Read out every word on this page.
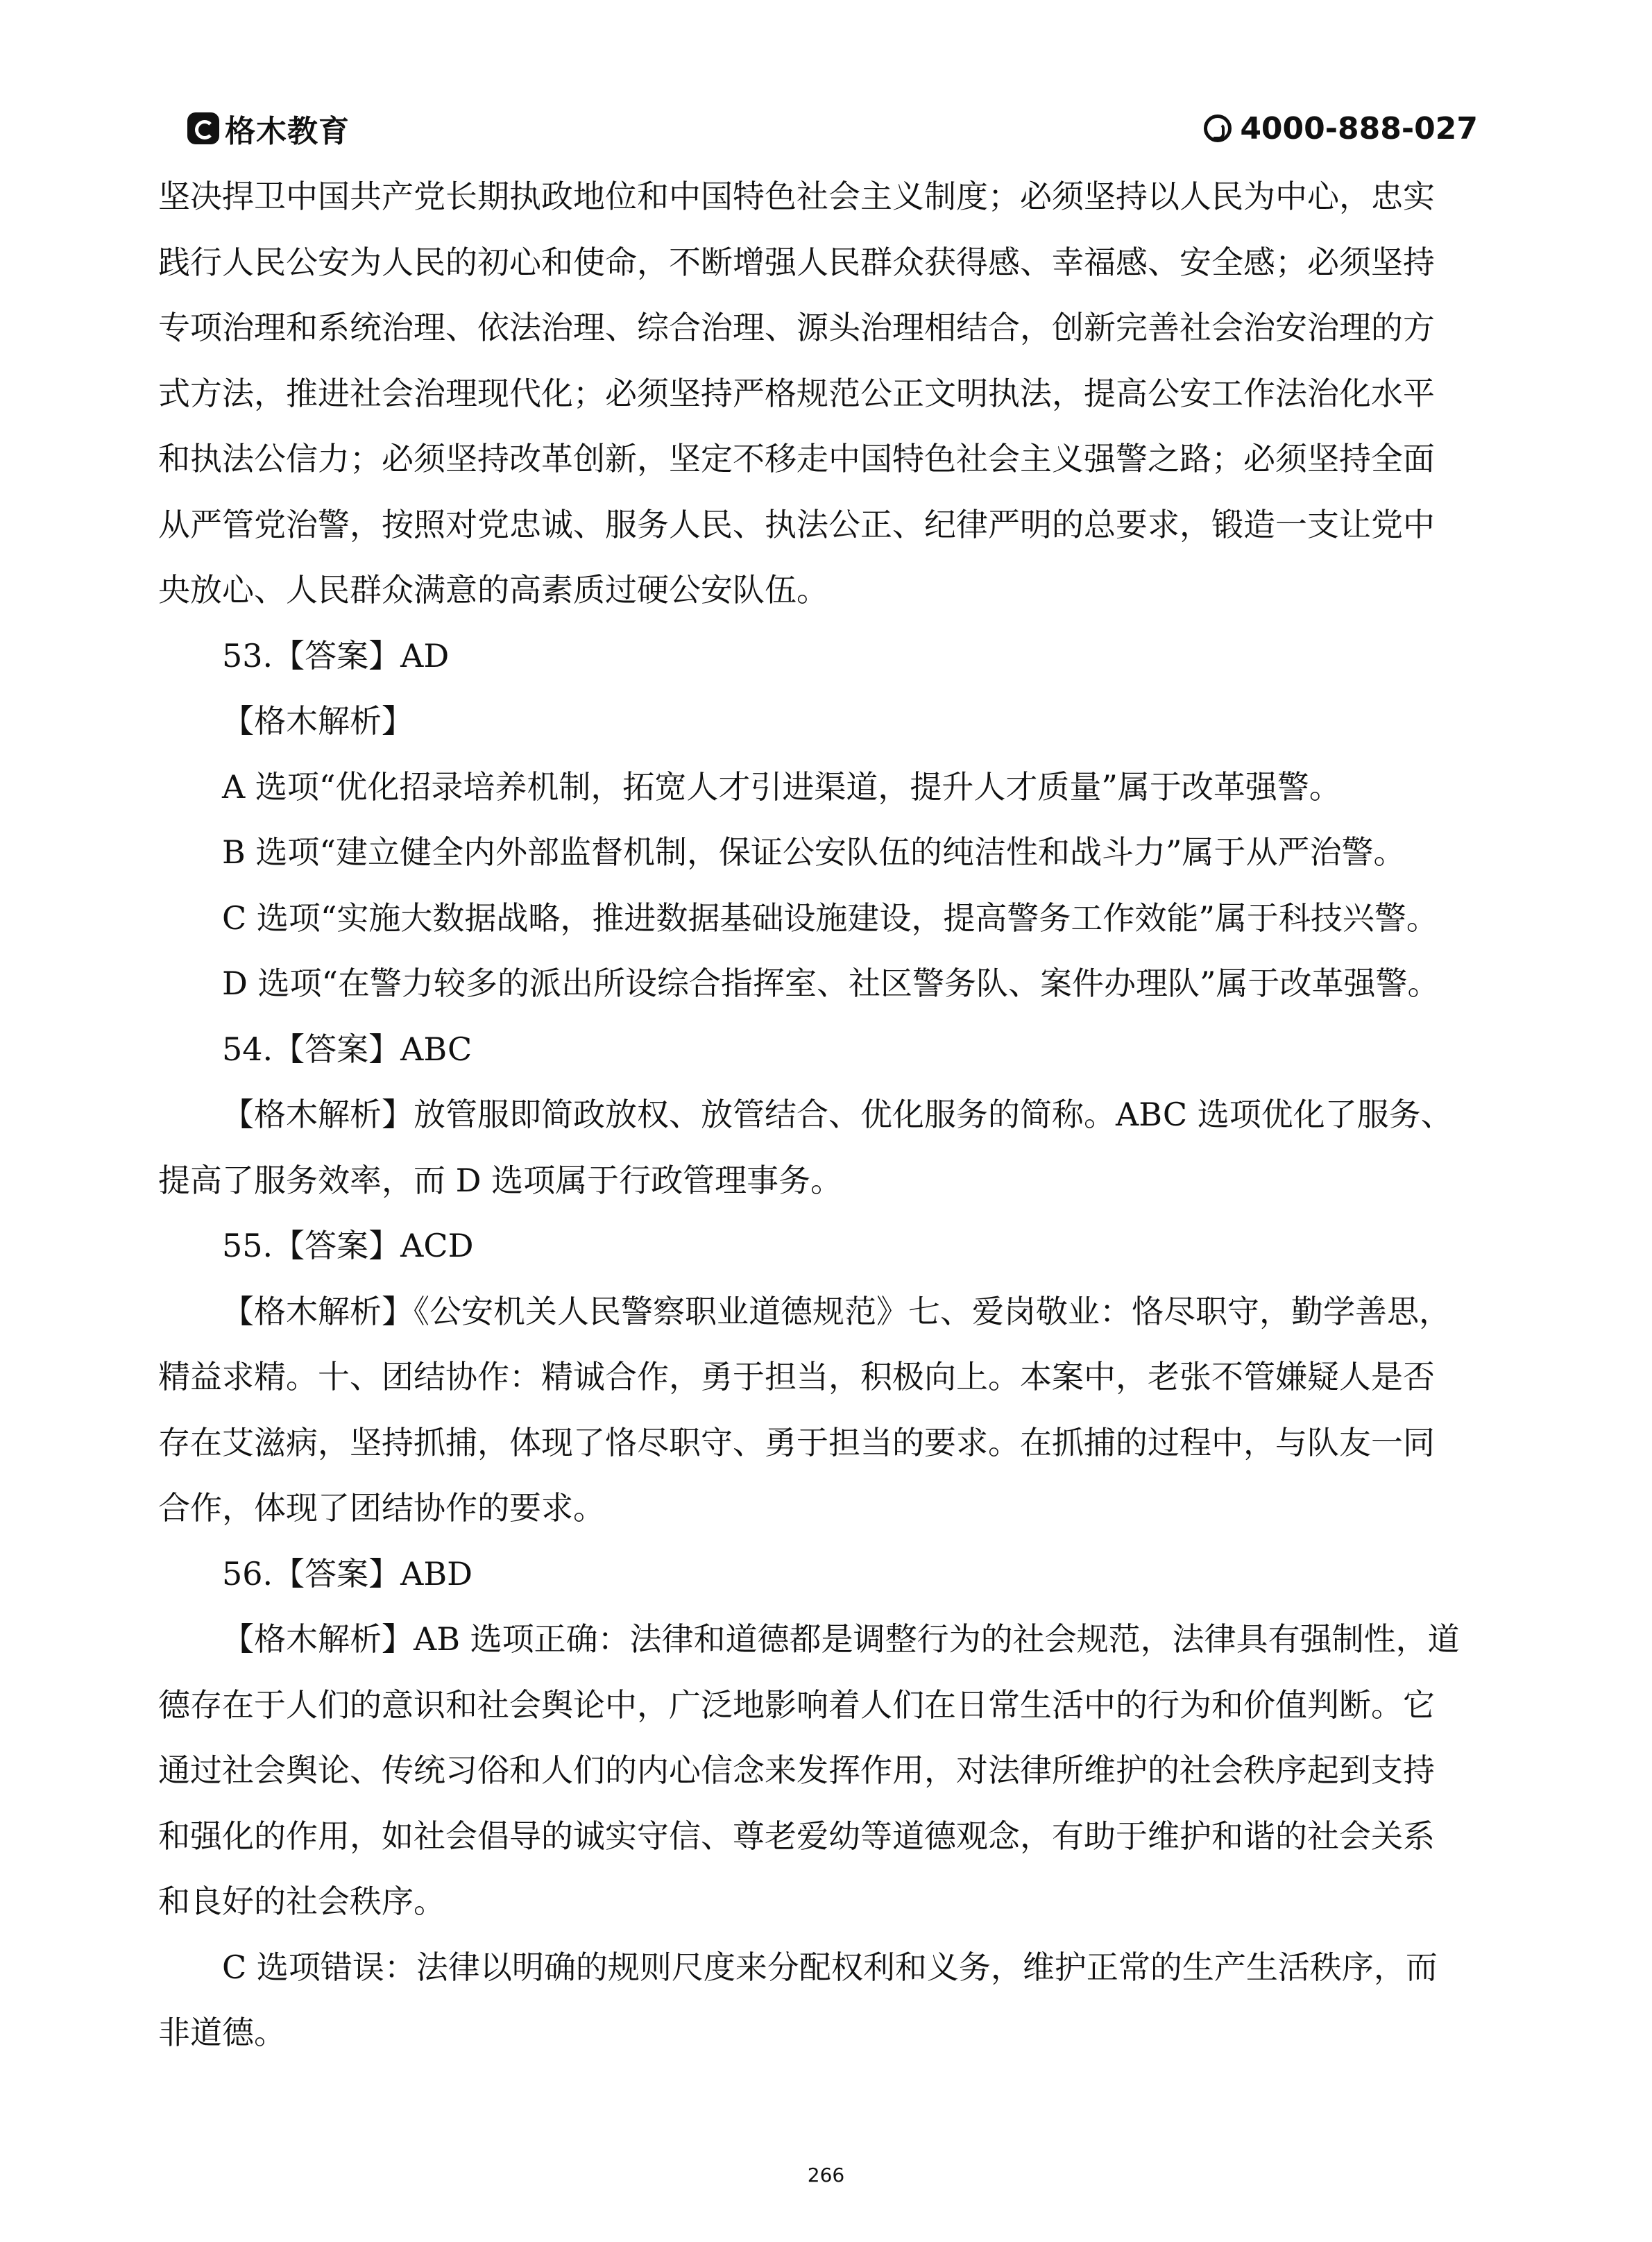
格木教育	4000-888-027
坚决捍卫中国共产党长期执政地位和中国特色社会主义制度；必须坚持以人民为中心，忠实
践行人民公安为人民的初心和使命，不断增强人民群众获得感、幸福感、安全感；必须坚持
专项治理和系统治理、依法治理、综合治理、源头治理相结合，创新完善社会治安治理的方
式方法，推进社会治理现代化；必须坚持严格规范公正文明执法，提高公安工作法治化水平
和执法公信力；必须坚持改革创新，坚定不移走中国特色社会主义强警之路；必须坚持全面
从严管党治警，按照对党忠诚、服务人民、执法公正、纪律严明的总要求，锻造一支让党中
央放心、人民群众满意的高素质过硬公安队伍。
53.【答案】AD
【格木解析】
A 选项“优化招录培养机制，拓宽人才引进渠道，提升人才质量”属于改革强警。
B 选项“建立健全内外部监督机制，保证公安队伍的纯洁性和战斗力”属于从严治警。
C 选项“实施大数据战略，推进数据基础设施建设，提高警务工作效能”属于科技兴警。
D 选项“在警力较多的派出所设综合指挥室、社区警务队、案件办理队”属于改革强警。
54.【答案】ABC
【格木解析】放管服即简政放权、放管结合、优化服务的简称。ABC 选项优化了服务、
提高了服务效率，而 D 选项属于行政管理事务。
55.【答案】ACD
【格木解析】《公安机关人民警察职业道德规范》七、爱岗敬业：恪尽职守，勤学善思，
精益求精。十、团结协作：精诚合作，勇于担当，积极向上。本案中，老张不管嫌疑人是否
存在艾滋病，坚持抓捕，体现了恪尽职守、勇于担当的要求。在抓捕的过程中，与队友一同
合作，体现了团结协作的要求。
56.【答案】ABD
【格木解析】AB 选项正确：法律和道德都是调整行为的社会规范，法律具有强制性，道
德存在于人们的意识和社会舆论中，广泛地影响着人们在日常生活中的行为和价值判断。它
通过社会舆论、传统习俗和人们的内心信念来发挥作用，对法律所维护的社会秩序起到支持
和强化的作用，如社会倡导的诚实守信、尊老爱幼等道德观念，有助于维护和谐的社会关系
和良好的社会秩序。
C 选项错误：法律以明确的规则尺度来分配权利和义务，维护正常的生产生活秩序，而
非道德。
266
